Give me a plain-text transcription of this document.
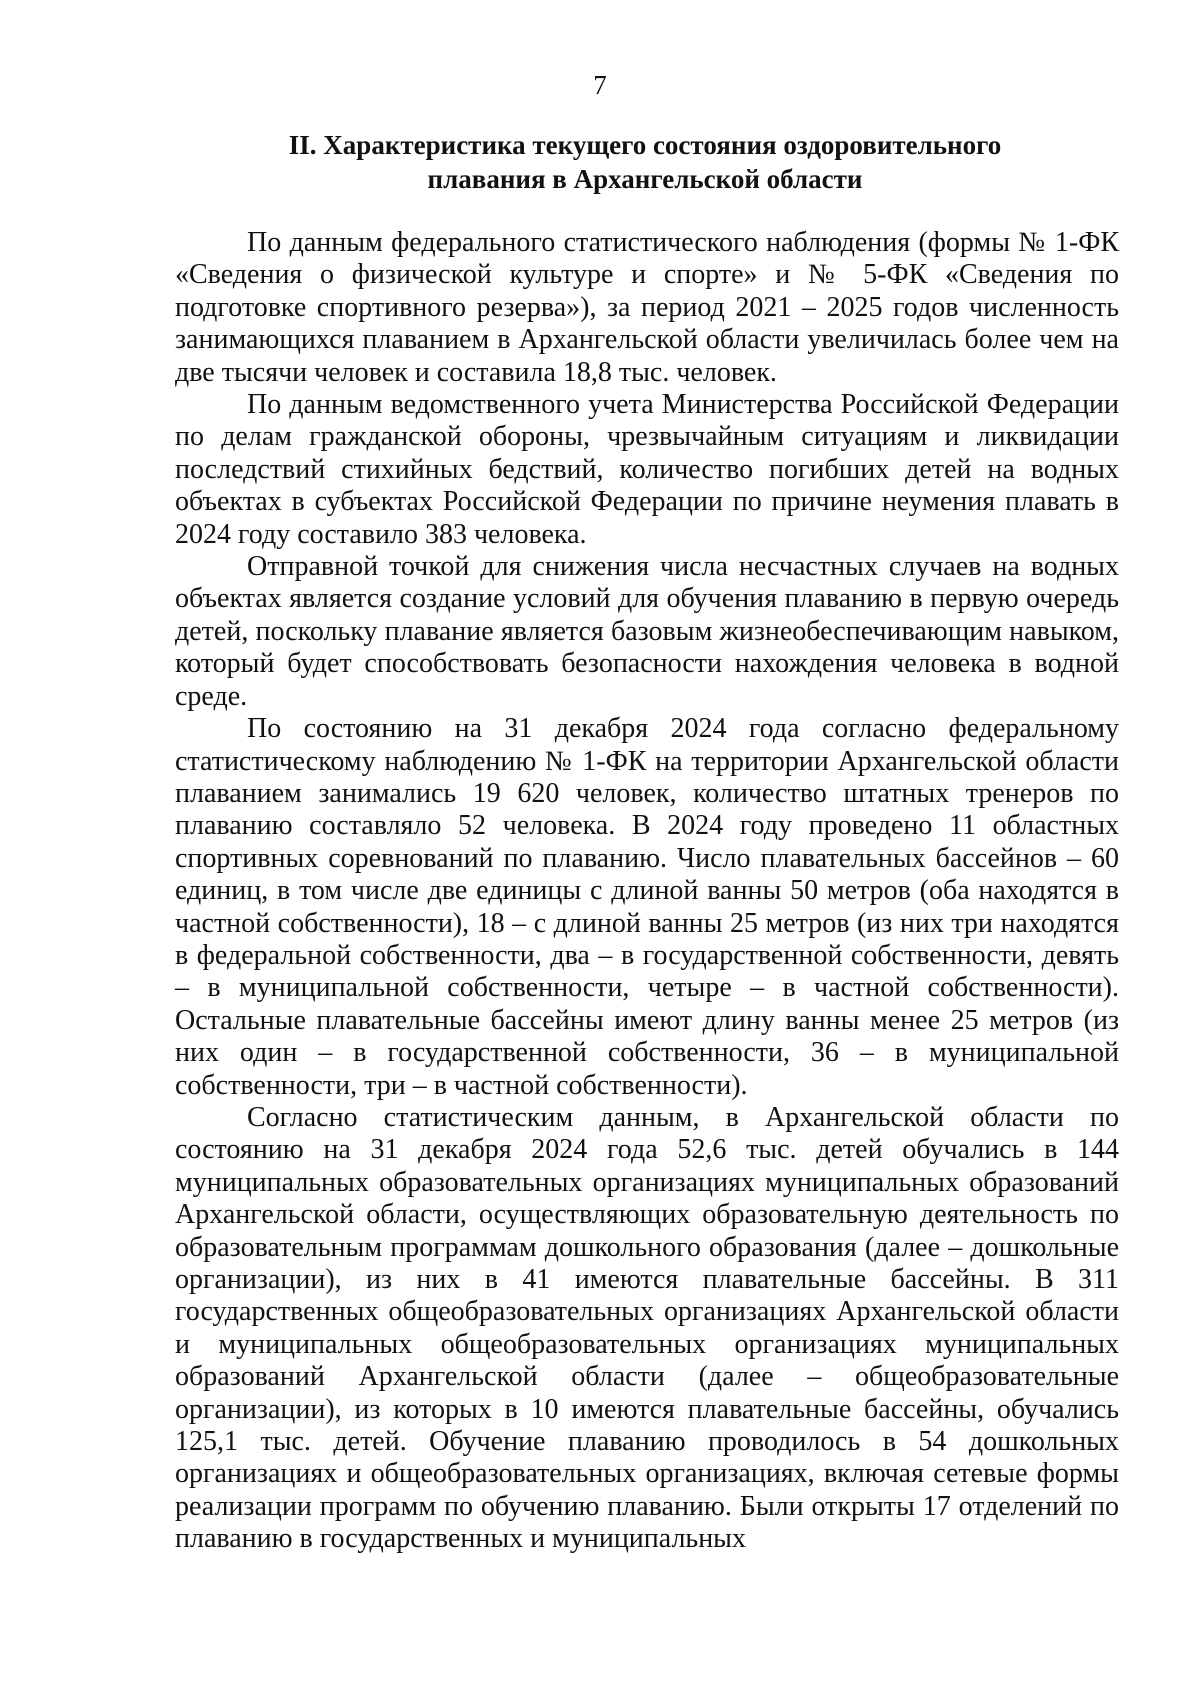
7
II. Характеристика текущего состояния оздоровительного
плавания в Архангельской области

По данным федерального статистического наблюдения (формы № 1-ФК «Сведения о физической культуре и спорте» и № 5-ФК «Сведения по подготовке спортивного резерва»), за период 2021 – 2025 годов численность занимающихся плаванием в Архангельской области увеличилась более чем на две тысячи человек и составила 18,8 тыс. человек.

По данным ведомственного учета Министерства Российской Федерации по делам гражданской обороны, чрезвычайным ситуациям и ликвидации последствий стихийных бедствий, количество погибших детей на водных объектах в субъектах Российской Федерации по причине неумения плавать в 2024 году составило 383 человека.

Отправной точкой для снижения числа несчастных случаев на водных объектах является создание условий для обучения плаванию в первую очередь детей, поскольку плавание является базовым жизнеобеспечивающим навыком, который будет способствовать безопасности нахождения человека в водной среде.

По состоянию на 31 декабря 2024 года согласно федеральному статистическому наблюдению № 1-ФК на территории Архангельской области плаванием занимались 19 620 человек, количество штатных тренеров по плаванию составляло 52 человека. В 2024 году проведено 11 областных спортивных соревнований по плаванию. Число плавательных бассейнов – 60 единиц, в том числе две единицы с длиной ванны 50 метров (оба находятся в частной собственности), 18 – с длиной ванны 25 метров (из них три находятся в федеральной собственности, два – в государственной собственности, девять – в муниципальной собственности, четыре – в частной собственности). Остальные плавательные бассейны имеют длину ванны менее 25 метров (из них один – в государственной собственности, 36 – в муниципальной собственности, три – в частной собственности).

Согласно статистическим данным, в Архангельской области по состоянию на 31 декабря 2024 года 52,6 тыс. детей обучались в 144 муниципальных образовательных организациях муниципальных образований Архангельской области, осуществляющих образовательную деятельность по образовательным программам дошкольного образования (далее – дошкольные организации), из них в 41 имеются плавательные бассейны. В 311 государственных общеобразовательных организациях Архангельской области и муниципальных общеобразовательных организациях муниципальных образований Архангельской области (далее – общеобразовательные организации), из которых в 10 имеются плавательные бассейны, обучались 125,1 тыс. детей. Обучение плаванию проводилось в 54 дошкольных организациях и общеобразовательных организациях, включая сетевые формы реализации программ по обучению плаванию. Были открыты 17 отделений по плаванию в государственных и муниципальных
